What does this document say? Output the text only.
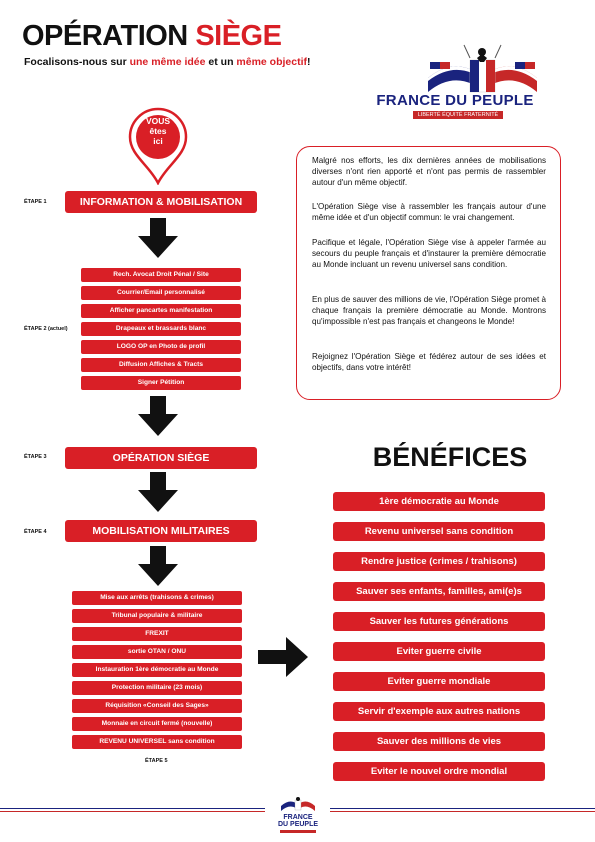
OPÉRATION SIÈGE
Focalisons-nous sur une même idée et un même objectif!
FRANCE DU PEUPLE
LIBERTÉ ÉQUITÉ FRATERNITÉ
VOUS
êtes
ici
ÉTAPE 1	INFORMATION & MOBILISATION
ÉTAPE 2 (actuel)
Rech. Avocat Droit Pénal / Site
Courrier/Email personnalisé
Afficher pancartes manifestation
Drapeaux et brassards blanc
LOGO OP en Photo de profil
Diffusion Affiches & Tracts
Signer Pétition
ÉTAPE 3	OPÉRATION SIÈGE
ÉTAPE 4	MOBILISATION MILITAIRES
Mise aux arrêts (trahisons & crimes)
Tribunal populaire & militaire
FREXIT
sortie OTAN / ONU
Instauration 1ère démocratie au Monde
Protection militaire (23 mois)
Réquisition «Conseil des Sages»
Monnaie en circuit fermé (nouvelle)
REVENU UNIVERSEL sans condition
ÉTAPE 5
Malgré nos efforts, les dix dernières années de mobilisations diverses n'ont rien apporté et n'ont pas permis de rassembler autour d'un même objectif.
L'Opération Siège vise à rassembler les français autour d'une même idée et d'un objectif commun: le vrai changement.
Pacifique et légale, l'Opération Siège vise à appeler l'armée au secours du peuple français et d'instaurer la première démocratie au Monde incluant un revenu universel sans condition.
En plus de sauver des millions de vie, l'Opération Siège promet à chaque français la première démocratie au Monde. Montrons qu'impossible n'est pas français et changeons le Monde!
Rejoignez l'Opération Siège et fédérez autour de ses idées et objectifs, dans votre intérêt!
BÉNÉFICES
1ère démocratie au Monde
Revenu universel sans condition
Rendre justice (crimes / trahisons)
Sauver ses enfants, familles, ami(e)s
Sauver les futures générations
Eviter guerre civile
Eviter guerre mondiale
Servir d'exemple aux autres nations
Sauver des millions de vies
Eviter le nouvel ordre mondial
FRANCE
DU PEUPLE
